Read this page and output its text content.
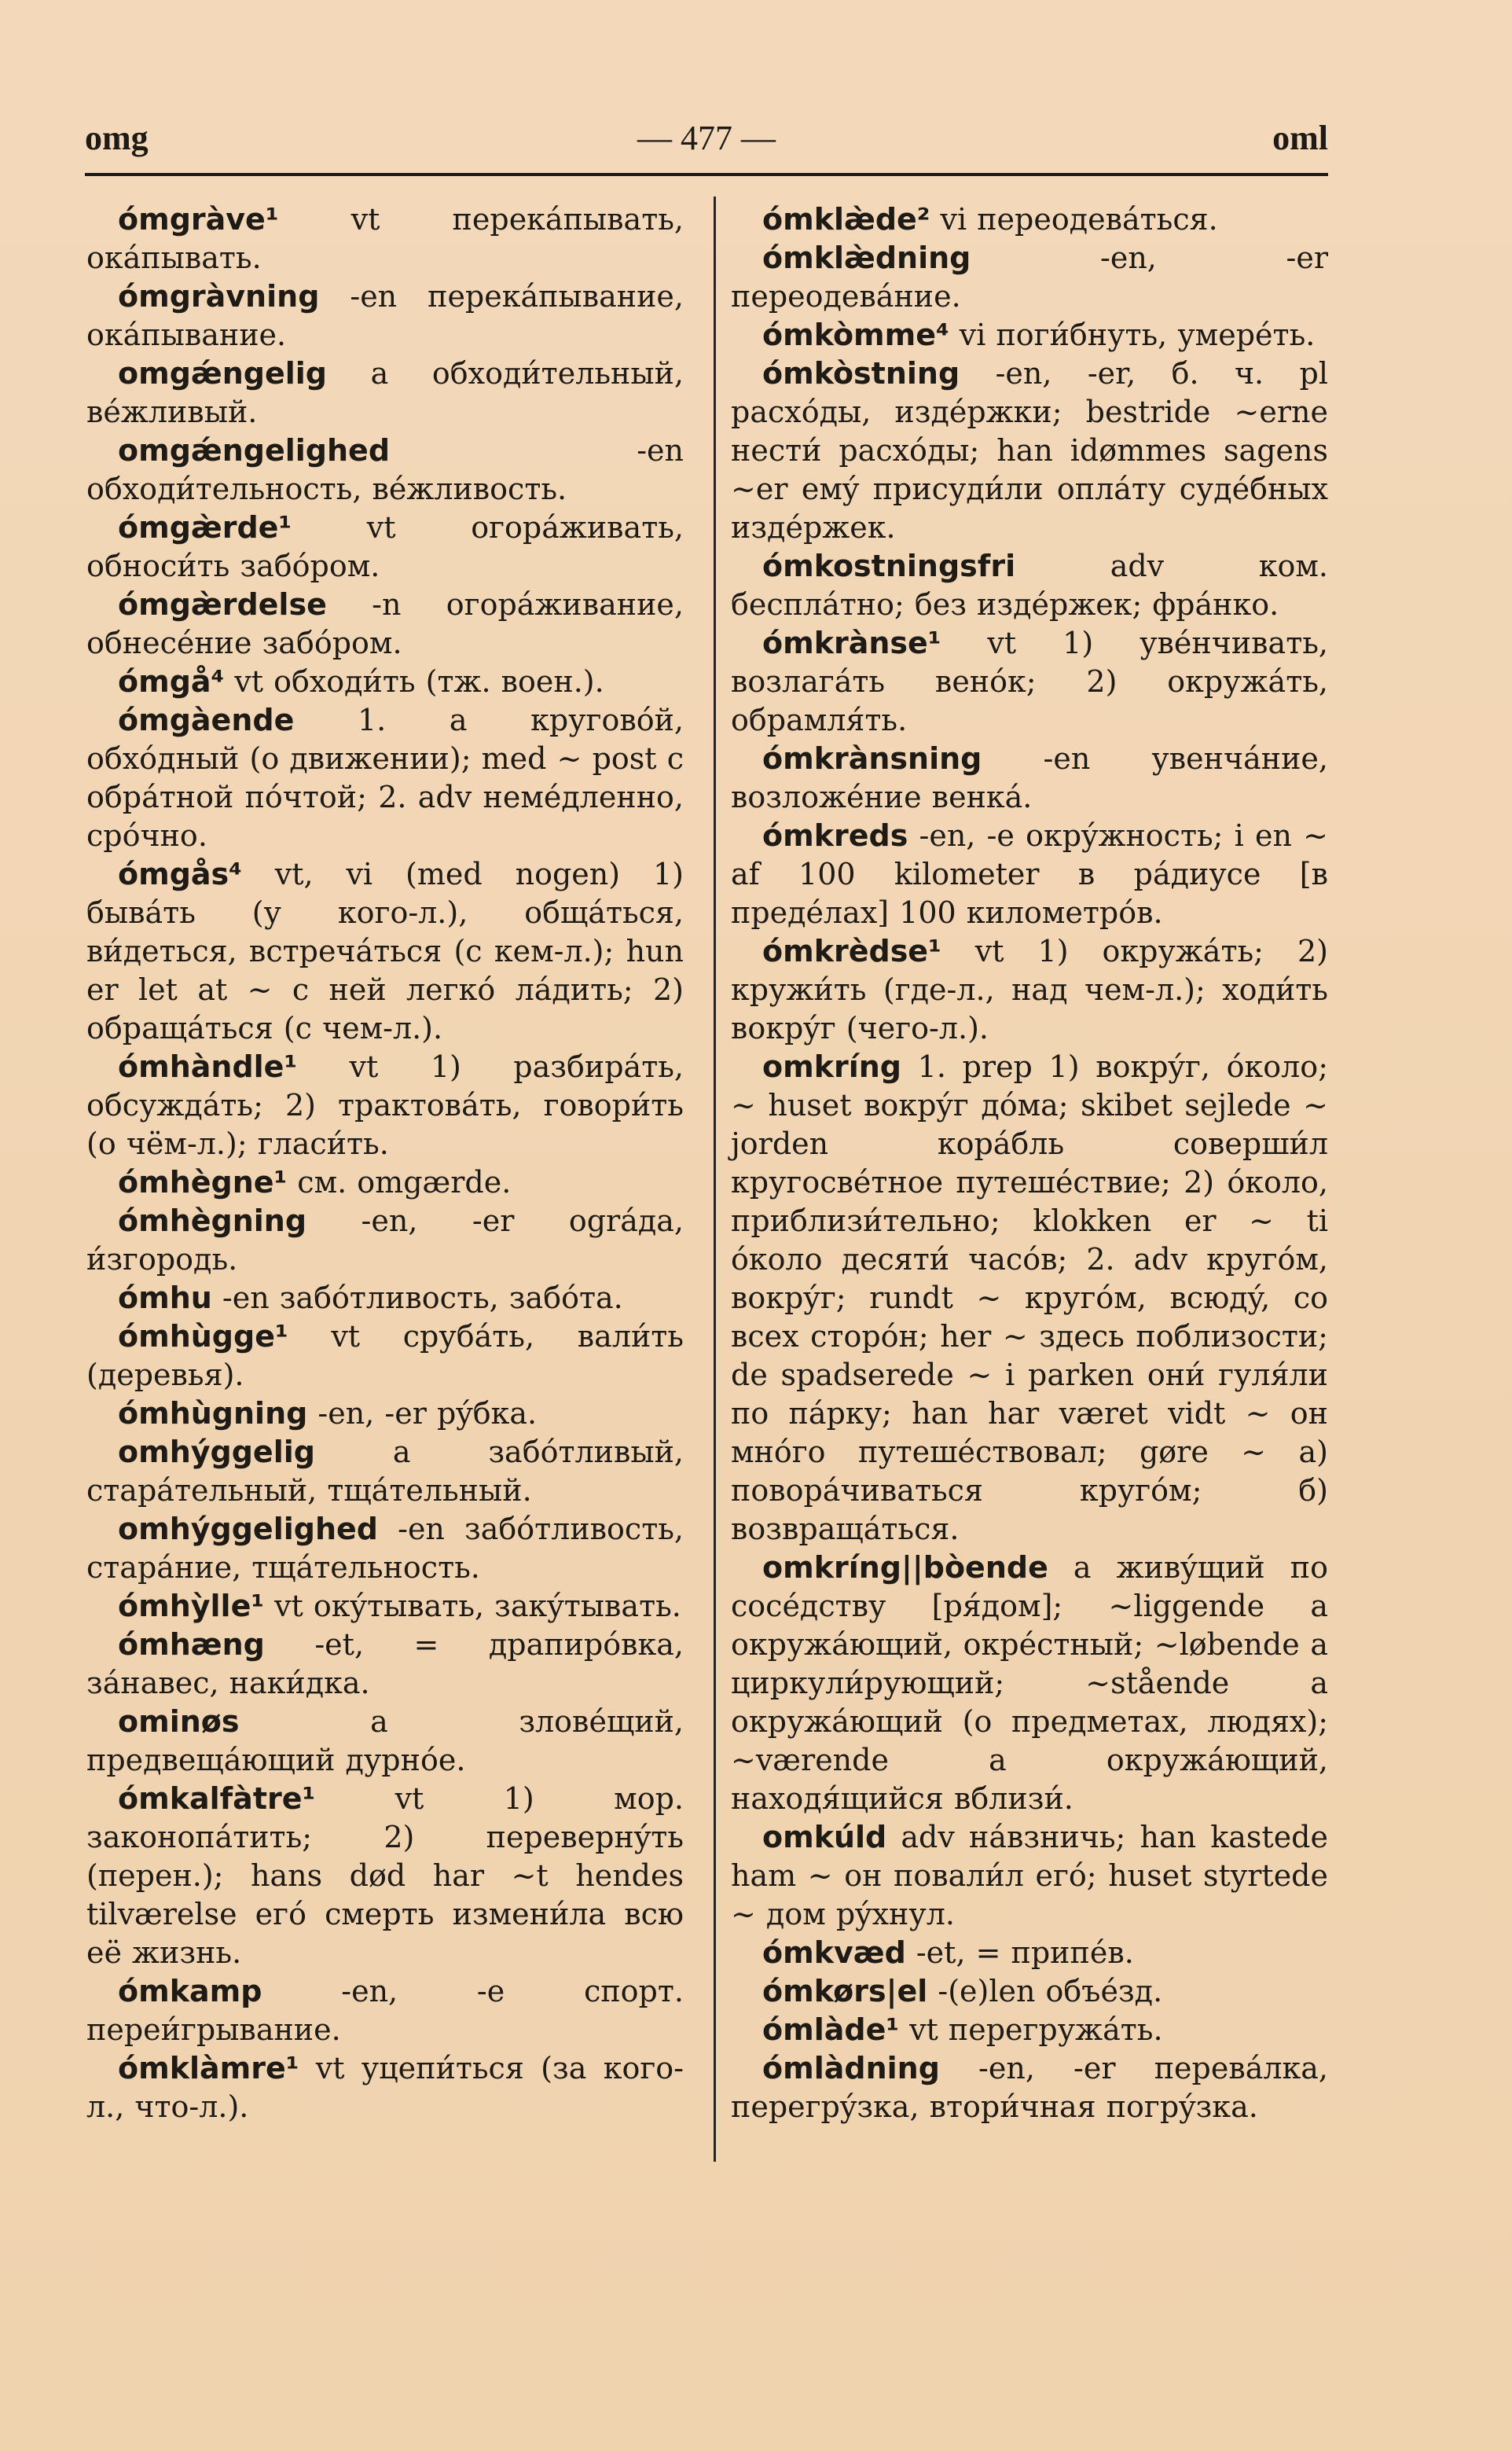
omg	— 477 —	oml

ómgràve¹ vt перекáпывать, окáпывать.

ómgràvning -en перекáпывание, окáпывание.

omgǽngelig a обходи́тельный, вéжливый.

omgǽngelighed -en обходи́тельность, вéжливость.

ómgæ̀rde¹ vt огорáживать, обноси́ть забóром.

ómgæ̀rdelse -n огорáживание, обнесéние забóром.

ómgå⁴ vt обходи́ть (тж. воен.).

ómgàende 1. a круговóй, обхóдный (о движении); med ~ post с обрáтной пóчтой; 2. adv немéдленно, срóчно.

ómgås⁴ vt, vi (med nogen) 1) бывáть (у кого-л.), общáться, ви́деться, встречáться (с кем-л.); hun er let at ~ с ней легкó лáдить; 2) обращáться (с чем-л.).

ómhàndle¹ vt 1) разбирáть, обсуждáть; 2) трактовáть, говори́ть (о чём-л.); гласи́ть.

ómhègne¹ см. omgærde.

ómhègning -en, -er ográда, и́згородь.

ómhu -en забóтливость, забóта.

ómhùgge¹ vt срубáть, вали́ть (деревья).

ómhùgning -en, -er рýбка.

omhýggelig a забóтливый, старáтельный, тщáтельный.

omhýggelighed -en забóтливость, старáние, тщáтельность.

ómhỳlle¹ vt окýтывать, закýтывать.

ómhæng -et, = драпирóвка, зáнавес, наки́дка.

ominøs a зловéщий, предвещáющий дурнóе.

ómkalfàtre¹ vt 1) мор. законопáтить; 2) перевернýть (перен.); hans død har ~t hendes tilværelse егó смерть измени́ла всю её жизнь.

ómkamp -en, -e спорт. переи́грывание.

ómklàmre¹ vt уцепи́ться (за кого-л., что-л.).

ómklæ̀de² vi переодевáться.

ómklæ̀dning -en, -er переодевáние.

ómkòmme⁴ vi поги́бнуть, умерéть.

ómkòstning -en, -er, б. ч. pl расхóды, издéржки; bestride ~erne нести́ расхóды; han idømmes sagens ~er емý присуди́ли оплáту судéбных издéржек.

ómkostningsfri adv ком. бесплáтно; без издéржек; фрáнко.

ómkrànse¹ vt 1) увéнчивать, возлагáть венóк; 2) окружáть, обрамля́ть.

ómkrànsning -en увенчáние, возложéние венкá.

ómkreds -en, -e окрýжность; i en ~ af 100 kilometer в рáдиусе [в предéлах] 100 километрóв.

ómkrèdse¹ vt 1) окружáть; 2) кружи́ть (где-л., над чем-л.); ходи́ть вокрýг (чего-л.).

omkríng 1. prep 1) вокрýг, óколо; ~ huset вокрýг дóма; skibet sejlede ~ jorden корáбль соверши́л кругосвéтное путешéствие; 2) óколо, приблизи́тельно; klokken er ~ ti óколо десяти́ часóв; 2. adv кругóм, вокрýг; rundt ~ кругóм, всюдý, со всех сторóн; her ~ здесь поблизости; de spadserede ~ i parken они́ гуля́ли по пáрку; han har været vidt ~ он мнóго путешéствовал; gøre ~ а) поворáчиваться кругóм; б) возвращáться.

omkríng||bòende a живýщий по сосéдству [ря́дом]; ~liggende a окружáющий, окрéстный; ~løbende a циркули́рующий; ~stående a окружáющий (о предметах, людях); ~værende a окружáющий, находя́щийся вблизи́.

omkúld adv нáвзничь; han kastede ham ~ он повали́л егó; huset styrtede ~ дом рýхнул.

ómkvæd -et, = припéв.

ómkørs|el -(e)len объéзд.

ómlàde¹ vt перегружáть.

ómlàdning -en, -er перевáлка, перегрýзка, втори́чная погрýзка.
